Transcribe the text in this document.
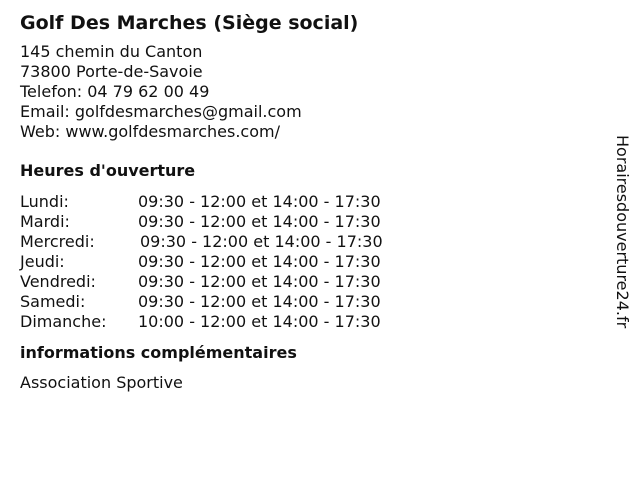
Golf Des Marches (Siège social)
145 chemin du Canton
73800 Porte-de-Savoie
Telefon: 04 79 62 00 49
Email: golfdesmarches@gmail.com
Web: www.golfdesmarches.com/
Heures d'ouverture
Lundi:	09:30 - 12:00 et 14:00 - 17:30
Mardi:	09:30 - 12:00 et 14:00 - 17:30
Mercredi:	09:30 - 12:00 et 14:00 - 17:30
Jeudi:	09:30 - 12:00 et 14:00 - 17:30
Vendredi:	09:30 - 12:00 et 14:00 - 17:30
Samedi:	09:30 - 12:00 et 14:00 - 17:30
Dimanche: 10:00 - 12:00 et 14:00 - 17:30
informations complémentaires
Association Sportive
Horairesdouverture24.fr
